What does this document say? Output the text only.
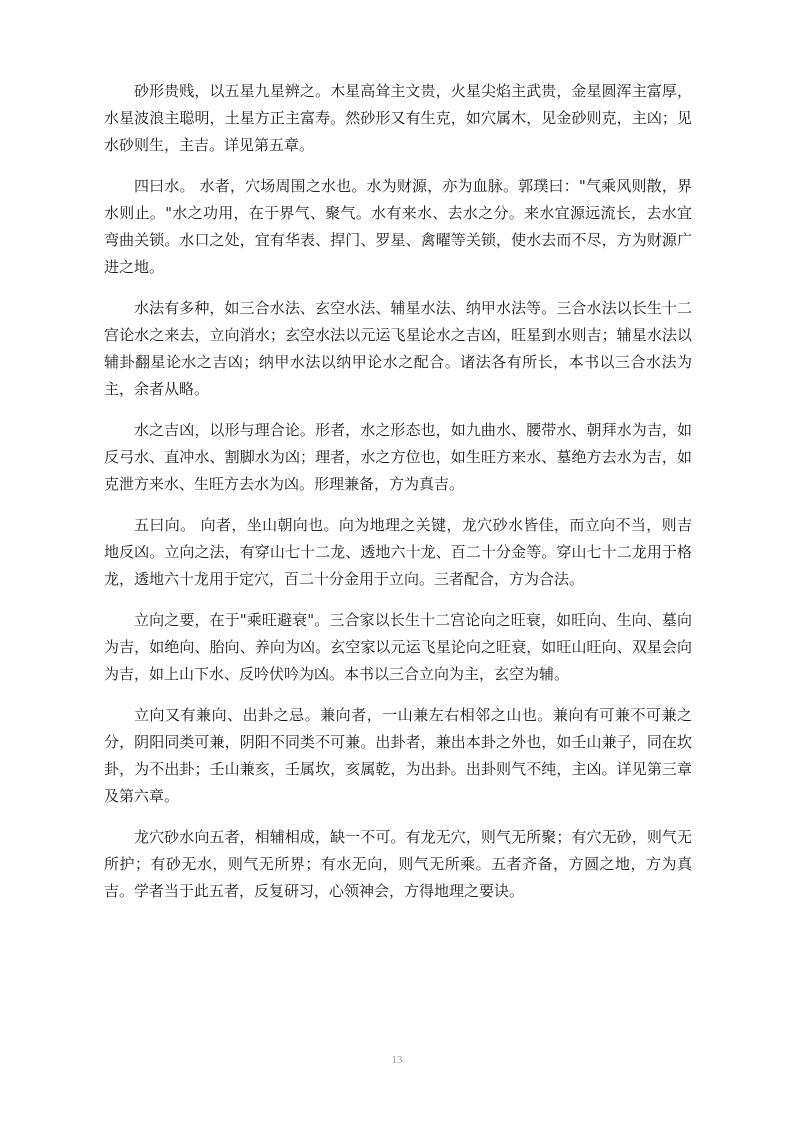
砂形贵贱，以五星九星辨之。木星高耸主文贵，火星尖焰主武贵，金星圆浑主富厚，水星波浪主聪明，土星方正主富寿。然砂形又有生克，如穴属木，见金砂则克，主凶；见水砂则生，主吉。详见第五章。

四曰水。 水者，穴场周围之水也。水为财源，亦为血脉。郭璞曰："气乘风则散，界水则止。"水之功用，在于界气、聚气。水有来水、去水之分。来水宜源远流长，去水宜弯曲关锁。水口之处，宜有华表、捍门、罗星、禽曜等关锁，使水去而不尽，方为财源广进之地。

水法有多种，如三合水法、玄空水法、辅星水法、纳甲水法等。三合水法以长生十二宫论水之来去，立向消水；玄空水法以元运飞星论水之吉凶，旺星到水则吉；辅星水法以辅卦翻星论水之吉凶；纳甲水法以纳甲论水之配合。诸法各有所长，本书以三合水法为主，余者从略。

水之吉凶，以形与理合论。形者，水之形态也，如九曲水、腰带水、朝拜水为吉，如反弓水、直冲水、割脚水为凶；理者，水之方位也，如生旺方来水、墓绝方去水为吉，如克泄方来水、生旺方去水为凶。形理兼备，方为真吉。

五曰向。 向者，坐山朝向也。向为地理之关键，龙穴砂水皆佳，而立向不当，则吉地反凶。立向之法，有穿山七十二龙、透地六十龙、百二十分金等。穿山七十二龙用于格龙，透地六十龙用于定穴，百二十分金用于立向。三者配合，方为合法。

立向之要，在于"乘旺避衰"。三合家以长生十二宫论向之旺衰，如旺向、生向、墓向为吉，如绝向、胎向、养向为凶。玄空家以元运飞星论向之旺衰，如旺山旺向、双星会向为吉，如上山下水、反吟伏吟为凶。本书以三合立向为主，玄空为辅。

立向又有兼向、出卦之忌。兼向者，一山兼左右相邻之山也。兼向有可兼不可兼之分，阴阳同类可兼，阴阳不同类不可兼。出卦者，兼出本卦之外也，如壬山兼子，同在坎卦，为不出卦；壬山兼亥，壬属坎，亥属乾，为出卦。出卦则气不纯，主凶。详见第三章及第六章。

龙穴砂水向五者，相辅相成，缺一不可。有龙无穴，则气无所聚；有穴无砂，则气无所护；有砂无水，则气无所界；有水无向，则气无所乘。五者齐备，方圆之地，方为真吉。学者当于此五者，反复研习，心领神会，方得地理之要诀。

13
